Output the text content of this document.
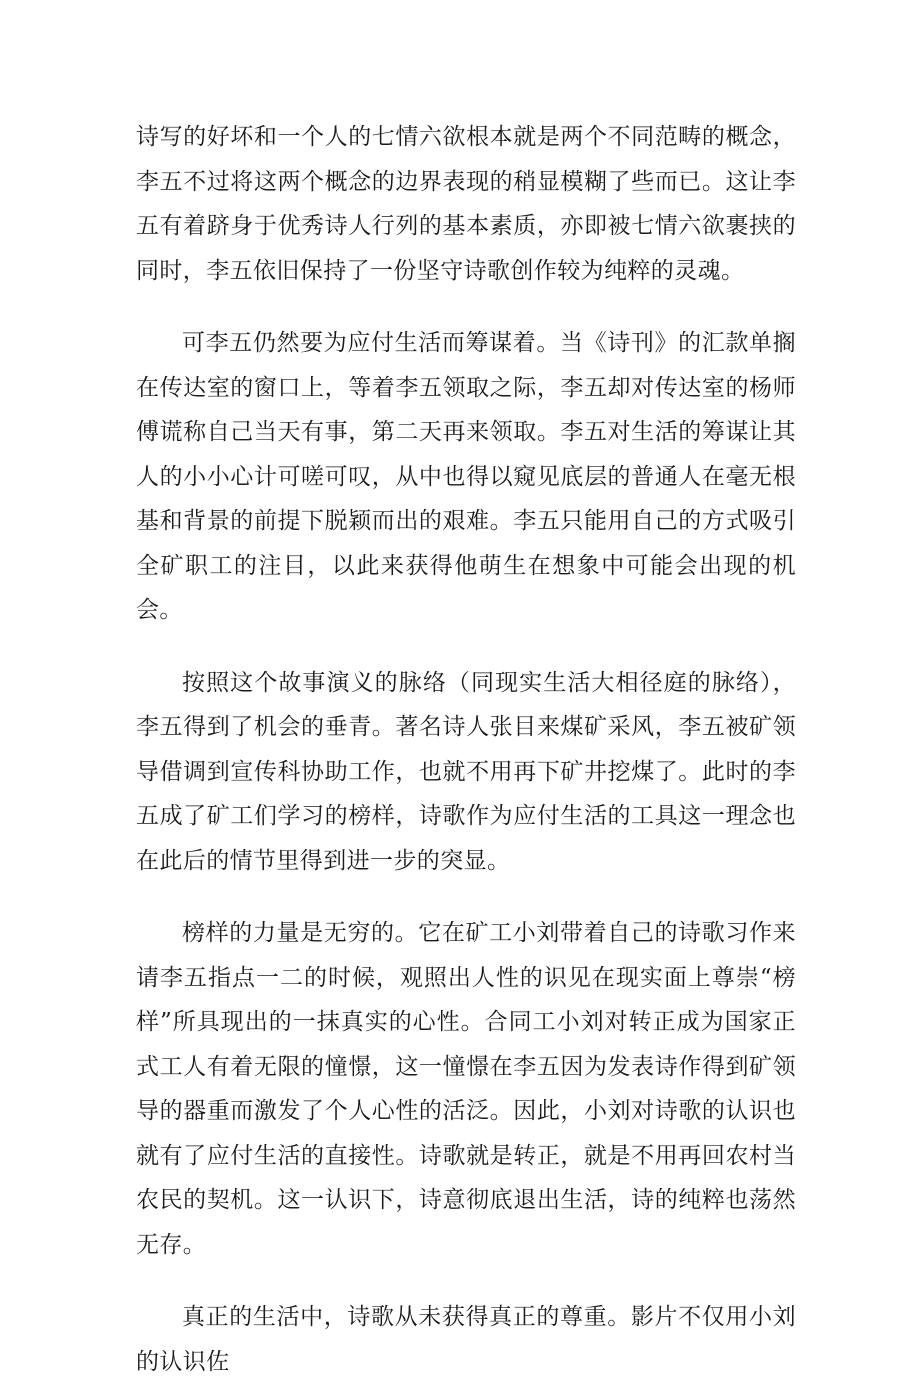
诗写的好坏和一个人的七情六欲根本就是两个不同范畴的概念，李五不过将这两个概念的边界表现的稍显模糊了些而已。这让李五有着跻身于优秀诗人行列的基本素质，亦即被七情六欲裹挟的同时，李五依旧保持了一份坚守诗歌创作较为纯粹的灵魂。

可李五仍然要为应付生活而筹谋着。当《诗刊》的汇款单搁在传达室的窗口上，等着李五领取之际，李五却对传达室的杨师傅谎称自己当天有事，第二天再来领取。李五对生活的筹谋让其人的小小心计可嗟可叹，从中也得以窥见底层的普通人在毫无根基和背景的前提下脱颖而出的艰难。李五只能用自己的方式吸引全矿职工的注目，以此来获得他萌生在想象中可能会出现的机会。

按照这个故事演义的脉络（同现实生活大相径庭的脉络），李五得到了机会的垂青。著名诗人张目来煤矿采风，李五被矿领导借调到宣传科协助工作，也就不用再下矿井挖煤了。此时的李五成了矿工们学习的榜样，诗歌作为应付生活的工具这一理念也在此后的情节里得到进一步的突显。

榜样的力量是无穷的。它在矿工小刘带着自己的诗歌习作来请李五指点一二的时候，观照出人性的识见在现实面上尊崇“榜样”所具现出的一抹真实的心性。合同工小刘对转正成为国家正式工人有着无限的憧憬，这一憧憬在李五因为发表诗作得到矿领导的器重而激发了个人心性的活泛。因此，小刘对诗歌的认识也就有了应付生活的直接性。诗歌就是转正，就是不用再回农村当农民的契机。这一认识下，诗意彻底退出生活，诗的纯粹也荡然无存。

真正的生活中，诗歌从未获得真正的尊重。影片不仅用小刘的认识佐
